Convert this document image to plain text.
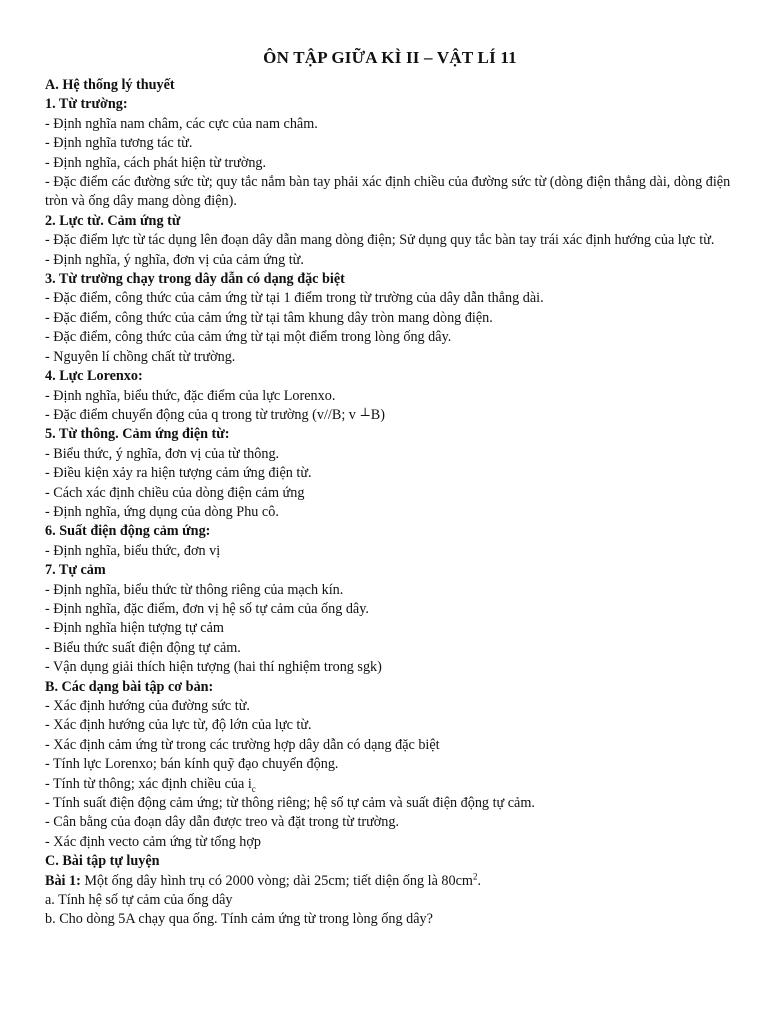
ÔN TẬP GIỮA KÌ II – VẬT LÍ 11
A. Hệ thống lý thuyết
1. Từ trường:
- Định nghĩa nam châm, các cực của nam châm.
- Định nghĩa tương tác từ.
- Định nghĩa, cách phát hiện từ trường.
- Đặc điểm các đường sức từ; quy tắc nắm bàn tay phải xác định chiều của đường sức từ (dòng điện thẳng dài, dòng điện tròn và ống dây mang dòng điện).
2. Lực từ. Cảm ứng từ
- Đặc điểm lực từ tác dụng lên đoạn dây dẫn mang dòng điện; Sử dụng quy tắc bàn tay trái xác định hướng của lực từ.
- Định nghĩa, ý nghĩa, đơn vị của cảm ứng từ.
3. Từ trường chạy trong dây dẫn có dạng đặc biệt
- Đặc điểm, công thức của cảm ứng từ tại 1 điểm trong từ trường của dây dẫn thẳng dài.
- Đặc điểm, công thức của cảm ứng từ tại tâm khung dây tròn mang dòng điện.
- Đặc điểm, công thức của cảm ứng từ tại một điểm trong lòng ống dây.
- Nguyên lí chồng chất từ trường.
4. Lực Lorenxo:
- Định nghĩa, biểu thức, đặc điểm của lực Lorenxo.
- Đặc điểm chuyển động của q trong từ trường (v//B; v ⊥B)
5. Từ thông. Cảm ứng điện từ:
- Biểu thức, ý nghĩa, đơn vị của từ thông.
- Điều kiện xảy ra hiện tượng cảm ứng điện từ.
- Cách xác định chiều của dòng điện cảm ứng
- Định nghĩa, ứng dụng của dòng Phu cô.
6. Suất điện động cảm ứng:
- Định nghĩa, biểu thức, đơn vị
7. Tự cảm
- Định nghĩa, biểu thức từ thông riêng của mạch kín.
- Định nghĩa, đặc điểm, đơn vị hệ số tự cảm của ống dây.
- Định nghĩa hiện tượng tự cảm
- Biểu thức suất điện động tự cảm.
- Vận dụng giải thích hiện tượng (hai thí nghiệm trong sgk)
B. Các dạng bài tập cơ bản:
- Xác định hướng của đường sức từ.
- Xác định hướng của lực từ, độ lớn của lực từ.
- Xác định cảm ứng từ trong các trường hợp dây dẫn có dạng đặc biệt
- Tính lực Lorenxo; bán kính quỹ đạo chuyển động.
- Tính từ thông; xác định chiều của $i_c$
- Tính suất điện động cảm ứng; từ thông riêng; hệ số tự cảm và suất điện động tự cảm.
- Cân bằng của đoạn dây dẫn được treo và đặt trong từ trường.
- Xác định vecto cảm ứng từ tổng hợp
C. Bài tập tự luyện
Bài 1: Một ống dây hình trụ có 2000 vòng; dài 25cm; tiết diện ống là $80cm^2$.
a. Tính hệ số tự cảm của ống dây
b. Cho dòng 5A chạy qua ống. Tính cảm ứng từ trong lòng ống dây?
